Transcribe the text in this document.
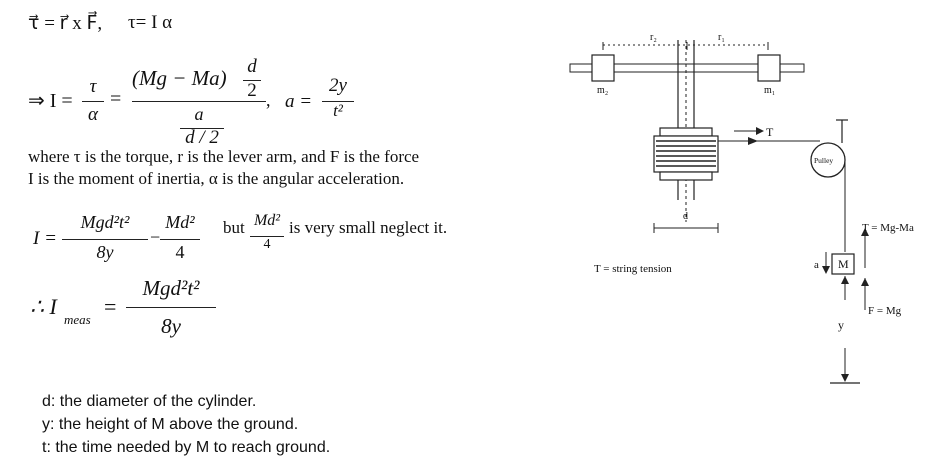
τ⃗ = r⃗ x F⃗, τ= I α
⇒ I =
τ
α
=
(Mg − Ma) d
2
a
d / 2
, a =
2y
t²
where τ is the torque, r is the lever arm, and F is the force
I is the moment of inertia, α is the angular acceleration.
I =
Mgd²t²
8y
−
Md²
4
but Md²
4
is very small neglect it.
∴ I
meas
=
Mgd²t²
8y
d: the diameter of the cylinder.
y: the height of M above the ground.
t: the time needed by M to reach ground.
r₂	r₁
m₂	m₁
T
Pulley
d
T = string tension
T = Mg-Ma
a M
F = Mg
y
